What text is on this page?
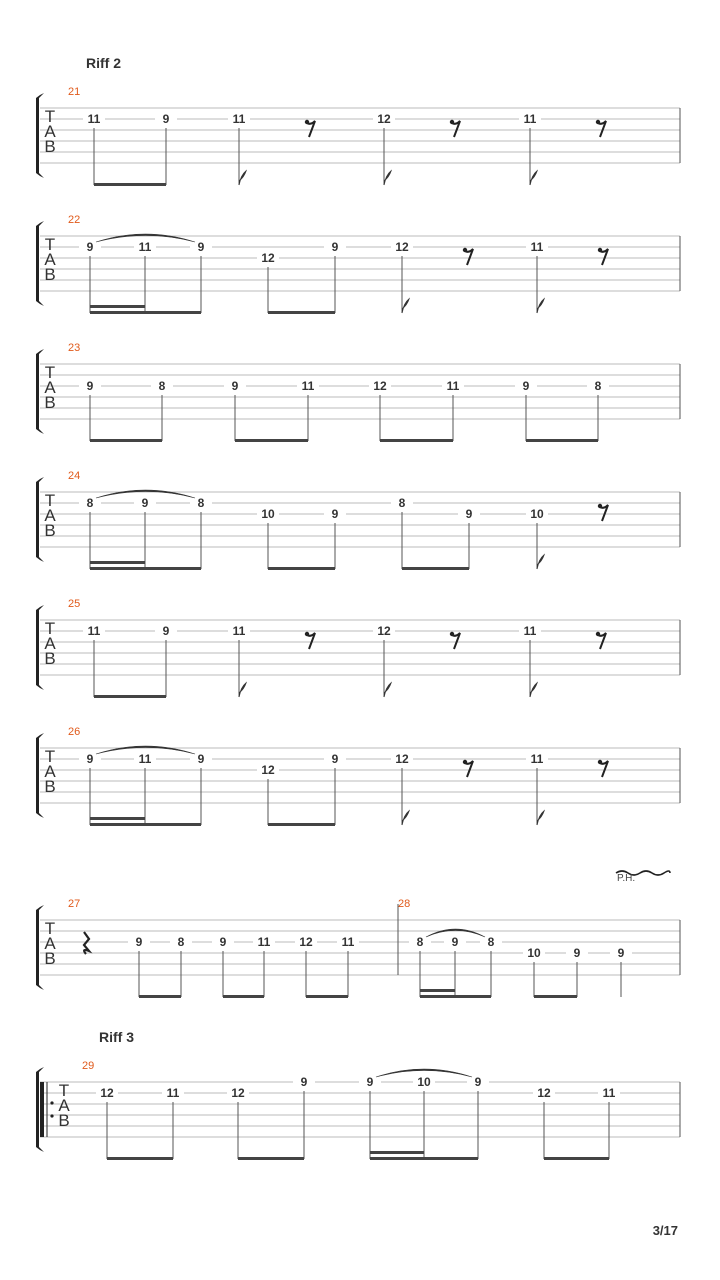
Riff 2
Riff 3
T
A
B
21
11	9	11	12	11
T
A
B
22
9	11	9
12
9	12	11
T
A
B
23
9	8	9	11	12	11	9	8
T
A
B
24
8	9	8
10	9
8
9	10
T
A
B
25
11	9	11	12	11
T
A
B
26
9	11	9
12
9	12	11
T
A
B
P.H.
27
9	8	9	11 12 11
28
8 9 8
10	9	9
T
A
B
29
12	11	12
9	9	10	9
12	11
3/17
